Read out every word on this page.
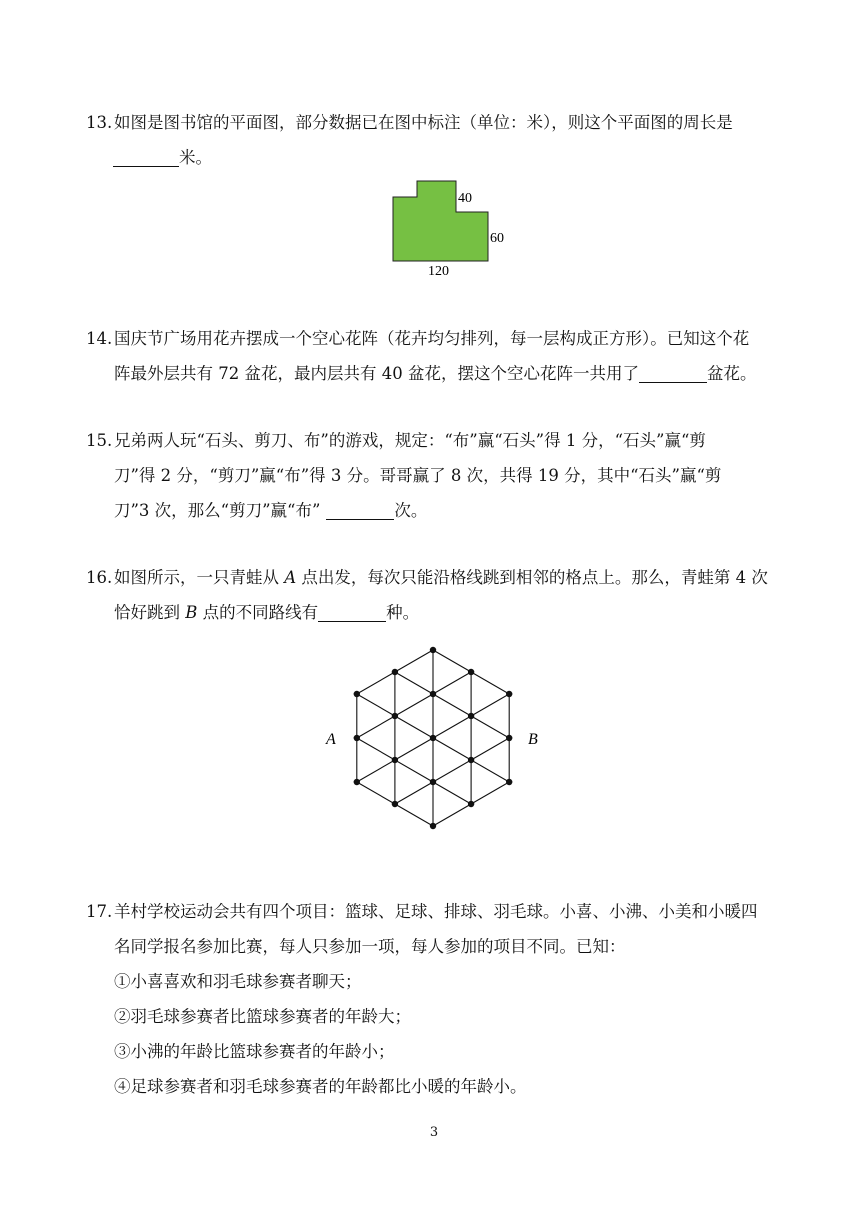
13. 如图是图书馆的平面图，部分数据已在图中标注（单位：米），则这个平面图的周长是
米。
40
60
120
14. 国庆节广场用花卉摆成一个空心花阵（花卉均匀排列，每一层构成正方形）。已知这个花
阵最外层共有 72 盆花，最内层共有 40 盆花，摆这个空心花阵一共用了	盆花。
15. 兄弟两人玩“石头、剪刀、布”的游戏，规定：“布”赢“石头”得 1 分，“石头”赢“剪
刀”得 2 分，“剪刀”赢“布”得 3 分。哥哥赢了 8 次，共得 19 分，其中“石头”赢“剪
刀”3 次，那么“剪刀”赢“布”	次。
16. 如图所示，一只青蛙从 A 点出发，每次只能沿格线跳到相邻的格点上。那么，青蛙第 4 次
恰好跳到 B 点的不同路线有	种。
A	B
17. 羊村学校运动会共有四个项目：篮球、足球、排球、羽毛球。小喜、小沸、小美和小暖四
名同学报名参加比赛，每人只参加一项，每人参加的项目不同。已知：
①小喜喜欢和羽毛球参赛者聊天；
②羽毛球参赛者比篮球参赛者的年龄大；
③小沸的年龄比篮球参赛者的年龄小；
④足球参赛者和羽毛球参赛者的年龄都比小暖的年龄小。
3
